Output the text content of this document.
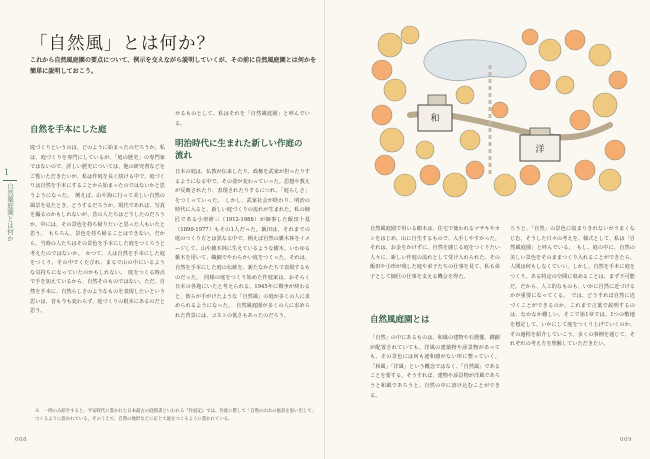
「自然風」とは何か？
これから自然風庭園の要点について、例示を交えながら説明していくが、その前に自然風庭園とは何かを簡単に説明しておこう。
1
自然風庭園とは何か
自然を手本にした庭
庭づくりというのは、どのように始まったのだろうか。私は、庭づくりを専門にしているが、「庭の歴史」の専門家ではないので、詳しい歴史については、他の研究書などをご覧いただきたいが、私は作庭を長く続ける中で、庭づくりは自然を手本にすることから始まったのではないかと思うようになった。　例えば、山や海に行って美しい自然の風景を見たとき、どうするだろうか。現代であれば、写真を撮るのかもしれないが、昔の人たちはどうしたのだろうか。中には、その景色を持ち帰りたいと思った人もいたと思う。　もちろん、景色を持ち帰ることはできない。だから、当時の人たちはその景色を手本にした庭をつくろうと考えたのではないか。　かつて、人は自然を手本にした庭をつくり、その中でくたびれ、まるで山の中にいるような気持ちになっていたのかもしれない。　庭をつくる時点で手を加えているから、自然そのものではない。ただ、自然を手本に、自然らしさのようなものを表現したいという思いは、昔も今も変わらず、庭づくりの根本にあるのだと思う。
せるものとして、私はそれを「自然風庭園」と呼んでいる。
明治時代に生まれた新しい作庭の流れ
日本の庭は、仏教が伝来したり、政権を武家が担ったりするようになる中で、その姿が変わっていった。思想や教えが反映されたり、表現されたりするにつれ、「庭らしさ」をつくっていった。　しかし、武家社会が終わり、明治の時代に入ると、新しい庭づくりの流れが生まれた。私の師匠である小形研三（1912-1988）が師事した飯田十基（1890-1977）もその1人だった。飯田は、それまでの庭のつくり方とは異なる中で、例えば自然の雑木林をイメージして、山や雑木林に生えているような樹木、いわゆる雑木を用いて、織細でやわらかい庭をつくった。それは、自然を手本にした庭の伝統を、新たなかたちで表現するものだった。　同様の庭をつくり始めた作庭家は、おそらく日本の各地にいたと考えられる。1945年に戦争が終わると、彼らが手がけたような「自然風」の庭が多くの人に求められるようになった。　自然風庭園が多くの人に求められた背景には、コストの低さもあったのだろう。
※　一例のみ紹介すると、平安時代に書かれた日本最古の庭園書といわれる『作庭記』では、作庭に際して「自然の山水の風景を思い出して」つくるように説かれている。そのうえで、自然の地形などに応じて庭をつくるように書かれている。
008
和
洋
自然風庭園で用いる樹木は、住宅で使われるマサキやカシをはじめ、山に自生するもので、入手しやすかった。それは、お金をかけずに、自然を感じる庭をつくりたい人々に、新しい作庭の流れとして受け入れられた。その飯田や小形が残した庭や弟子たちの仕事を見て、私も弟子として師匠の仕事を支える機会を得た。
自然風庭園とは
「自然」の中にあるものは、和風の建物や石燈籠、蹲踞が配置されていても、洋風の建築物や添景物があっても、その景色には何も違和感がない形に整っていく。「和風」「洋風」という概念ではなく、「自然風」であることを要する。そうすれば、建物や添景物が洋風であろうと和風であろうと、自然の中に溶け込むことができる。
ろうと、「自然」の景色に収まりきれないがうまくなじむ、そうした日々の考えを、様式として、私は「自然風庭園」と呼んでいる。　もし、庭の中に、自然の美しい景色をそのままつくり入れることができたら、人間は何もしなくていい。しかし、自然を手本に庭をつくり、ある特定の空間に収めることは、まず不可能だ。だから、人工的なものも、いかに自然に近づけるかが重要になってくる。　では、どうすれば自然に近づくことができるのか。これまで言葉で説明するのは、なかなか難しい。そこで第1章では、1つの敷地を想定して、いかにして庭をつくり上げていくのか、その過程を紹介していこう。多くの事例を通じて、それぞれの考え方を理解していただきたい。
009
